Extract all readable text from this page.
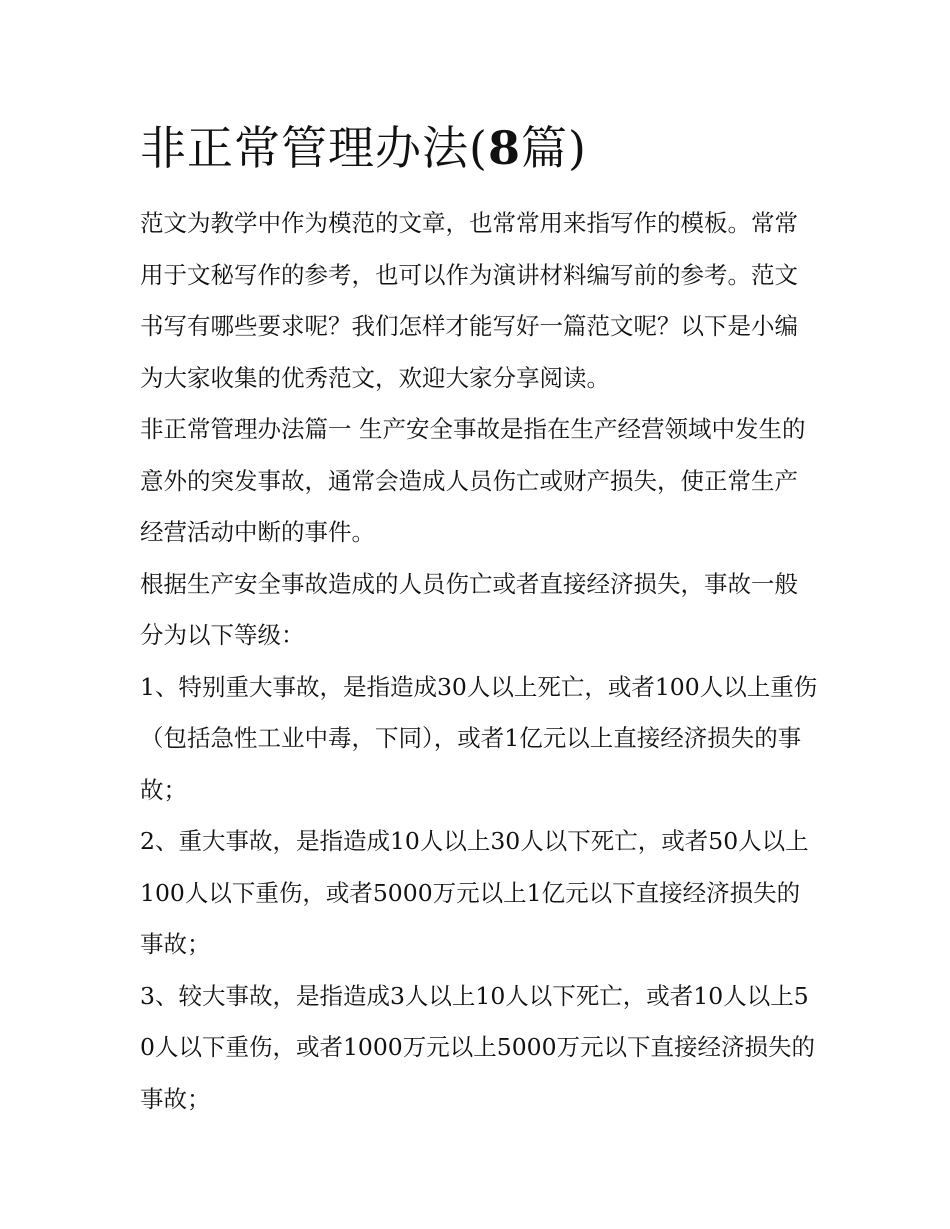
非正常管理办法(8篇)

范文为教学中作为模范的文章，也常常用来指写作的模板。常常用于文秘写作的参考，也可以作为演讲材料编写前的参考。范文书写有哪些要求呢？我们怎样才能写好一篇范文呢？以下是小编为大家收集的优秀范文，欢迎大家分享阅读。

非正常管理办法篇一 生产安全事故是指在生产经营领域中发生的意外的突发事故，通常会造成人员伤亡或财产损失，使正常生产经营活动中断的事件。

根据生产安全事故造成的人员伤亡或者直接经济损失，事故一般分为以下等级：

1、特别重大事故，是指造成30人以上死亡，或者100人以上重伤（包括急性工业中毒，下同），或者1亿元以上直接经济损失的事故；

2、重大事故，是指造成10人以上30人以下死亡，或者50人以上100人以下重伤，或者5000万元以上1亿元以下直接经济损失的事故；

3、较大事故，是指造成3人以上10人以下死亡，或者10人以上50人以下重伤，或者1000万元以上5000万元以下直接经济损失的事故；
